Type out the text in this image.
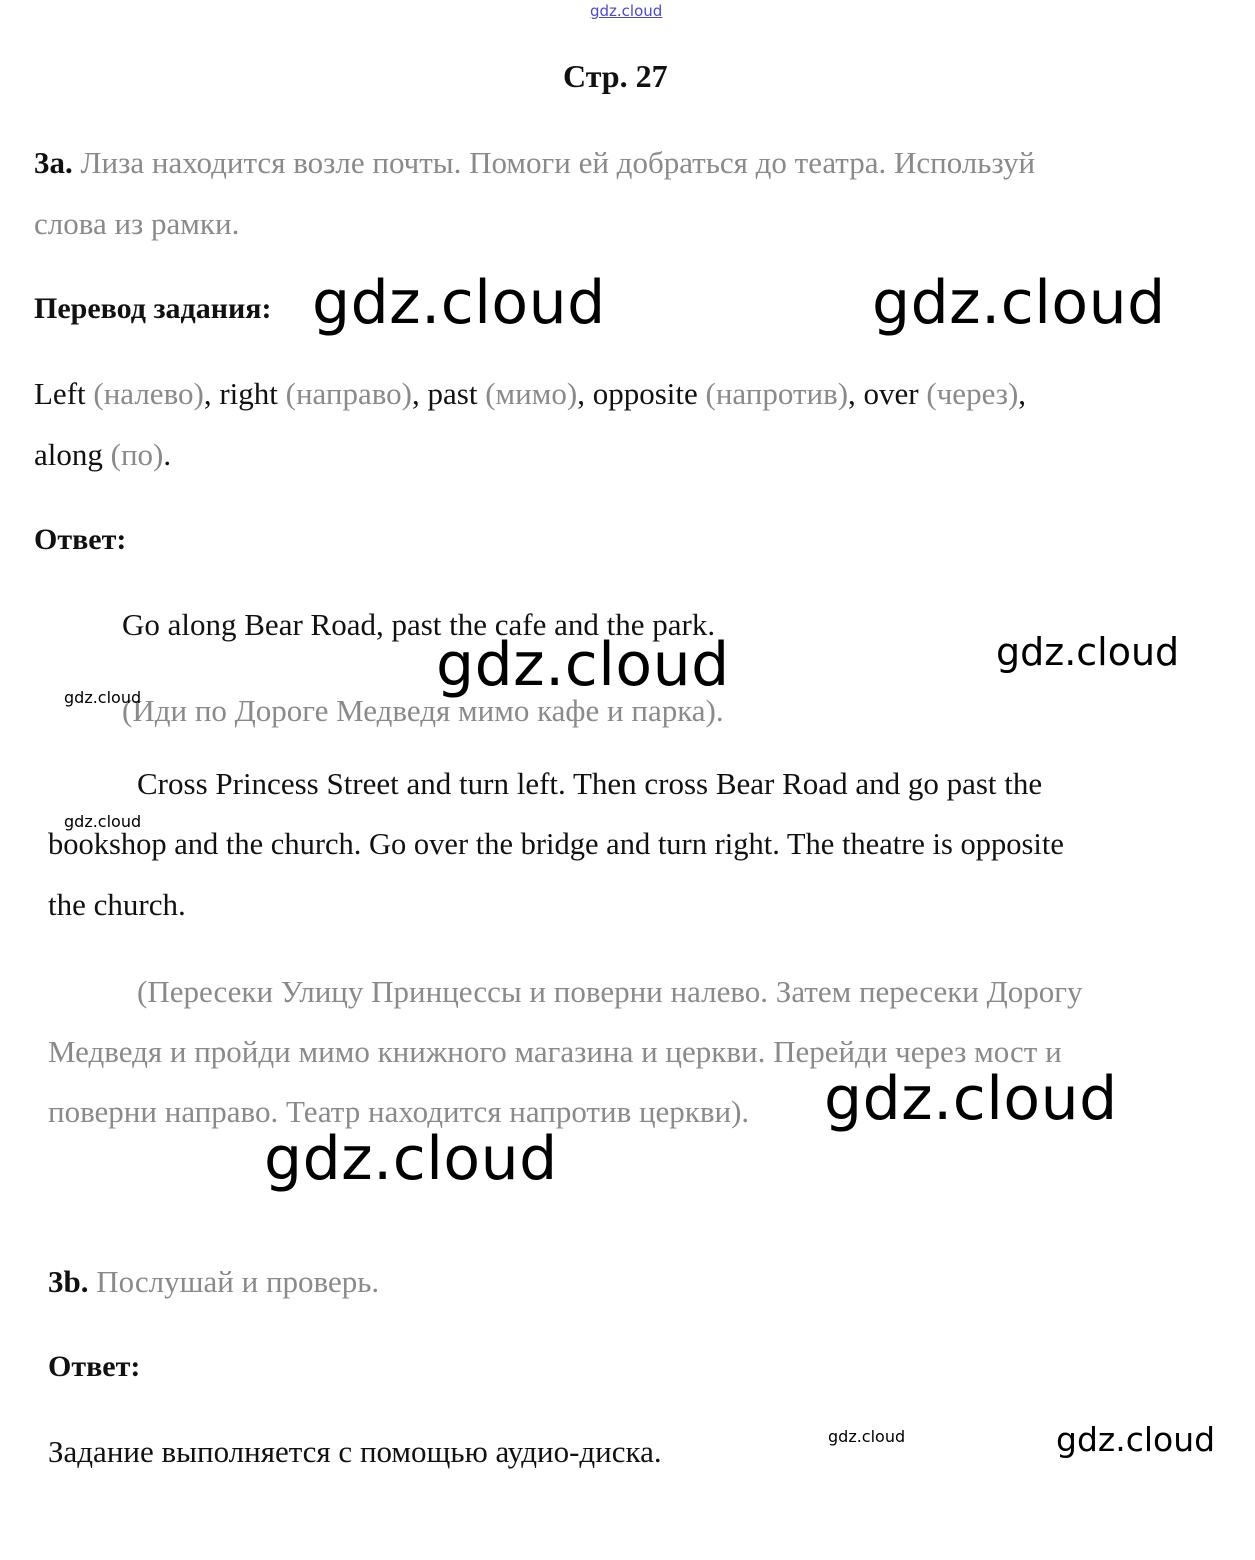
gdz.cloud
Стр. 27
3a. Лиза находится возле почты. Помоги ей добраться до театра. Используй
слова из рамки.
Перевод задания:
Left (налево), right (направо), past (мимо), opposite (напротив), over (через),
along (по).
Ответ:
Go along Bear Road, past the cafe and the park.
(Иди по Дороге Медведя мимо кафе и парка).
Cross Princess Street and turn left. Then cross Bear Road and go past the
bookshop and the church. Go over the bridge and turn right. The theatre is opposite
the church.
(Пересеки Улицу Принцессы и поверни налево. Затем пересеки Дорогу
Медведя и пройди мимо книжного магазина и церкви. Перейди через мост и
поверни направо. Театр находится напротив церкви).
3b. Послушай и проверь.
Ответ:
Задание выполняется с помощью аудио-диска.
gdz.cloud	gdz.cloud
gdz.cloud	gdz.cloud
gdz.cloud
gdz.cloud
gdz.cloud
gdz.cloud
gdz.cloud	gdz.cloud
